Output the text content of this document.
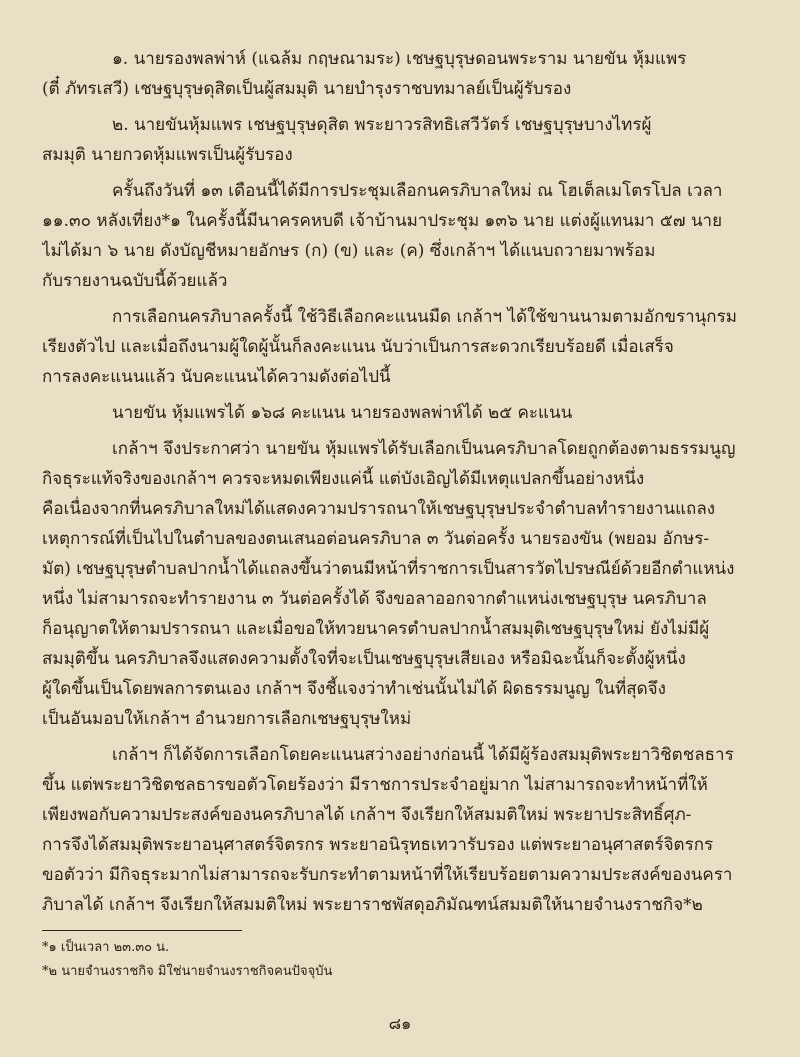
๑. นายรองพลพ่าห์ (แฉล้ม กฤษณามระ) เชษฐบุรุษดอนพระราม นายขัน หุ้มแพร
(ตี๋ ภัทรเสวี) เชษฐบุรุษดุสิตเป็นผู้สมมุติ นายบำรุงราชบทมาลย์เป็นผู้รับรอง
๒. นายขันหุ้มแพร เชษฐบุรุษดุสิต พระยาวรสิทธิเสวีวัตร์ เชษฐบุรุษบางไทรผู้
สมมุติ นายกวดหุ้มแพรเป็นผู้รับรอง
ครั้นถึงวันที่ ๑๓ เดือนนี้ได้มีการประชุมเลือกนครภิบาลใหม่ ณ โฮเต็ลเมโตรโปล เวลา
๑๑.๓๐ หลังเที่ยง*๑ ในครั้งนี้มีนาครคหบดี เจ้าบ้านมาประชุม ๑๓๖ นาย แต่งผู้แทนมา ๕๗ นาย
ไม่ได้มา ๖ นาย ดังบัญชีหมายอักษร (ก) (ข) และ (ค) ซึ่งเกล้าฯ ได้แนบถวายมาพร้อม
กับรายงานฉบับนี้ด้วยแล้ว
การเลือกนครภิบาลครั้งนี้ ใช้วิธีเลือกคะแนนมืด เกล้าฯ ได้ใช้ขานนามตามอักขรานุกรม
เรียงตัวไป และเมื่อถึงนามผู้ใดผู้นั้นก็ลงคะแนน นับว่าเป็นการสะดวกเรียบร้อยดี เมื่อเสร็จ
การลงคะแนนแล้ว นับคะแนนได้ความดังต่อไปนี้
นายขัน หุ้มแพรได้ ๑๖๘ คะแนน นายรองพลพ่าห์ได้ ๒๕ คะแนน
เกล้าฯ จึงประกาศว่า นายขัน หุ้มแพรได้รับเลือกเป็นนครภิบาลโดยถูกต้องตามธรรมนูญ
กิจธุระแท้จริงของเกล้าฯ ควรจะหมดเพียงแค่นี้ แต่บังเอิญได้มีเหตุแปลกขึ้นอย่างหนึ่ง
คือเนื่องจากที่นครภิบาลใหม่ได้แสดงความปรารถนาให้เชษฐบุรุษประจำตำบลทำรายงานแถลง
เหตุการณ์ที่เป็นไปในตำบลของตนเสนอต่อนครภิบาล ๓ วันต่อครั้ง นายรองขัน (พยอม อักษร-
มัต) เชษฐบุรุษตำบลปากน้ำได้แถลงขึ้นว่าตนมีหน้าที่ราชการเป็นสารวัตไปรษณีย์ด้วยอีกตำแหน่ง
หนึ่ง ไม่สามารถจะทำรายงาน ๓ วันต่อครั้งได้ จึงขอลาออกจากตำแหน่งเชษฐบุรุษ นครภิบาล
ก็อนุญาตให้ตามปรารถนา และเมื่อขอให้ทวยนาครตำบลปากน้ำสมมุติเชษฐบุรุษใหม่ ยังไม่มีผู้
สมมุติขึ้น นครภิบาลจึงแสดงความตั้งใจที่จะเป็นเชษฐบุรุษเสียเอง หรือมิฉะนั้นก็จะตั้งผู้หนึ่ง
ผู้ใดขึ้นเป็นโดยพลการตนเอง เกล้าฯ จึงชี้แจงว่าทำเช่นนั้นไม่ได้ ผิดธรรมนูญ ในที่สุดจึง
เป็นอันมอบให้เกล้าฯ อำนวยการเลือกเชษฐบุรุษใหม่
เกล้าฯ ก็ได้จัดการเลือกโดยคะแนนสว่างอย่างก่อนนี้ ได้มีผู้ร้องสมมุติพระยาวิชิตชลธาร
ขึ้น แต่พระยาวิชิตชลธารขอตัวโดยร้องว่า มีราชการประจำอยู่มาก ไม่สามารถจะทำหน้าที่ให้
เพียงพอกับความประสงค์ของนครภิบาลได้ เกล้าฯ จึงเรียกให้สมมติใหม่ พระยาประสิทธิ์ศุภ-
การจึงได้สมมุติพระยาอนุศาสตร์จิตรกร พระยาอนิรุทธเทวารับรอง แต่พระยาอนุศาสตร์จิตรกร
ขอตัวว่า มีกิจธุระมากไม่สามารถจะรับกระทำตามหน้าที่ให้เรียบร้อยตามความประสงค์ของนครา
ภิบาลได้ เกล้าฯ จึงเรียกให้สมมติใหม่ พระยาราชพัสดุอภิมัณฑน์สมมติให้นายจำนงราชกิจ*๒
*๑ เป็นเวลา ๒๓.๓๐ น.
*๒ นายจำนงราชกิจ มิใช่นายจำนงราชกิจคนปัจจุบัน
๘๑
